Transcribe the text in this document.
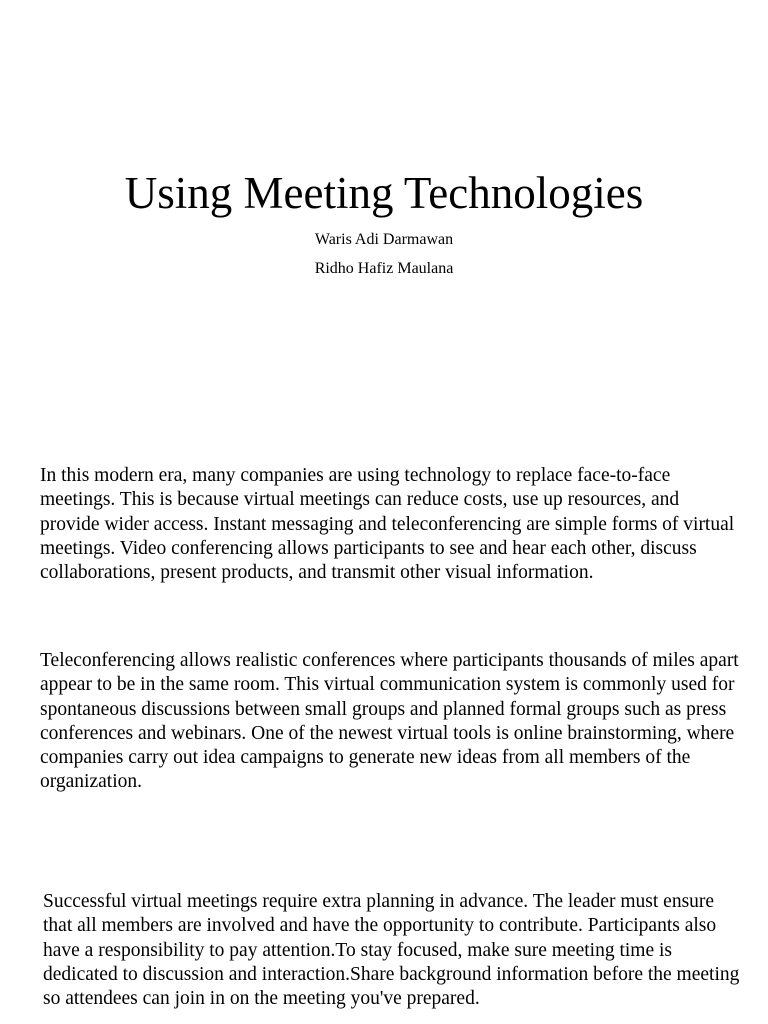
Using Meeting Technologies

Waris Adi Darmawan

Ridho Hafiz Maulana

In this modern era, many companies are using technology to replace face-to-face meetings. This is because virtual meetings can reduce costs, use up resources, and provide wider access. Instant messaging and teleconferencing are simple forms of virtual meetings. Video conferencing allows participants to see and hear each other, discuss collaborations, present products, and transmit other visual information.

Teleconferencing allows realistic conferences where participants thousands of miles apart appear to be in the same room. This virtual communication system is commonly used for spontaneous discussions between small groups and planned formal groups such as press conferences and webinars. One of the newest virtual tools is online brainstorming, where companies carry out idea campaigns to generate new ideas from all members of the organization.

Successful virtual meetings require extra planning in advance. The leader must ensure that all members are involved and have the opportunity to contribute. Participants also have a responsibility to pay attention.To stay focused, make sure meeting time is dedicated to discussion and interaction.Share background information before the meeting so attendees can join in on the meeting you've prepared.
